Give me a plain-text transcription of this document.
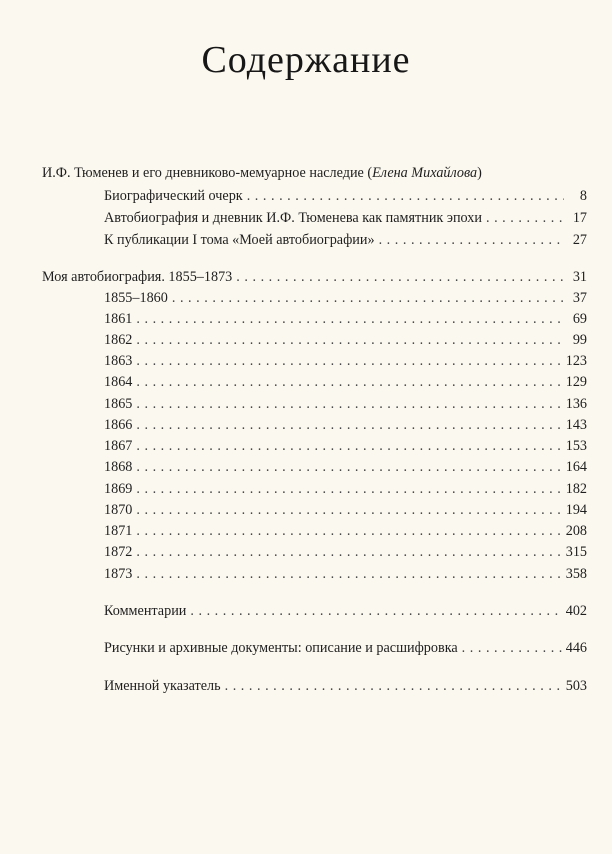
Содержание
И.Ф. Тюменев и его дневниково-мемуарное наследие (Елена Михайлова)
Биографический очерк . . .	8
Автобиография и дневник И.Ф. Тюменева как памятник эпохи . . .	17
К публикации I тома «Моей автобиографии» . . .	27
Моя автобиография. 1855–1873 . . .	31
1855–1860 . . .	37
1861 . . .	69
1862 . . .	99
1863 . . .	123
1864 . . .	129
1865 . . .	136
1866 . . .	143
1867 . . .	153
1868 . . .	164
1869 . . .	182
1870 . . .	194
1871 . . .	208
1872 . . .	315
1873 . . .	358
Комментарии . . .	402
Рисунки и архивные документы: описание и расшифровка . . .	446
Именной указатель . . .	503
